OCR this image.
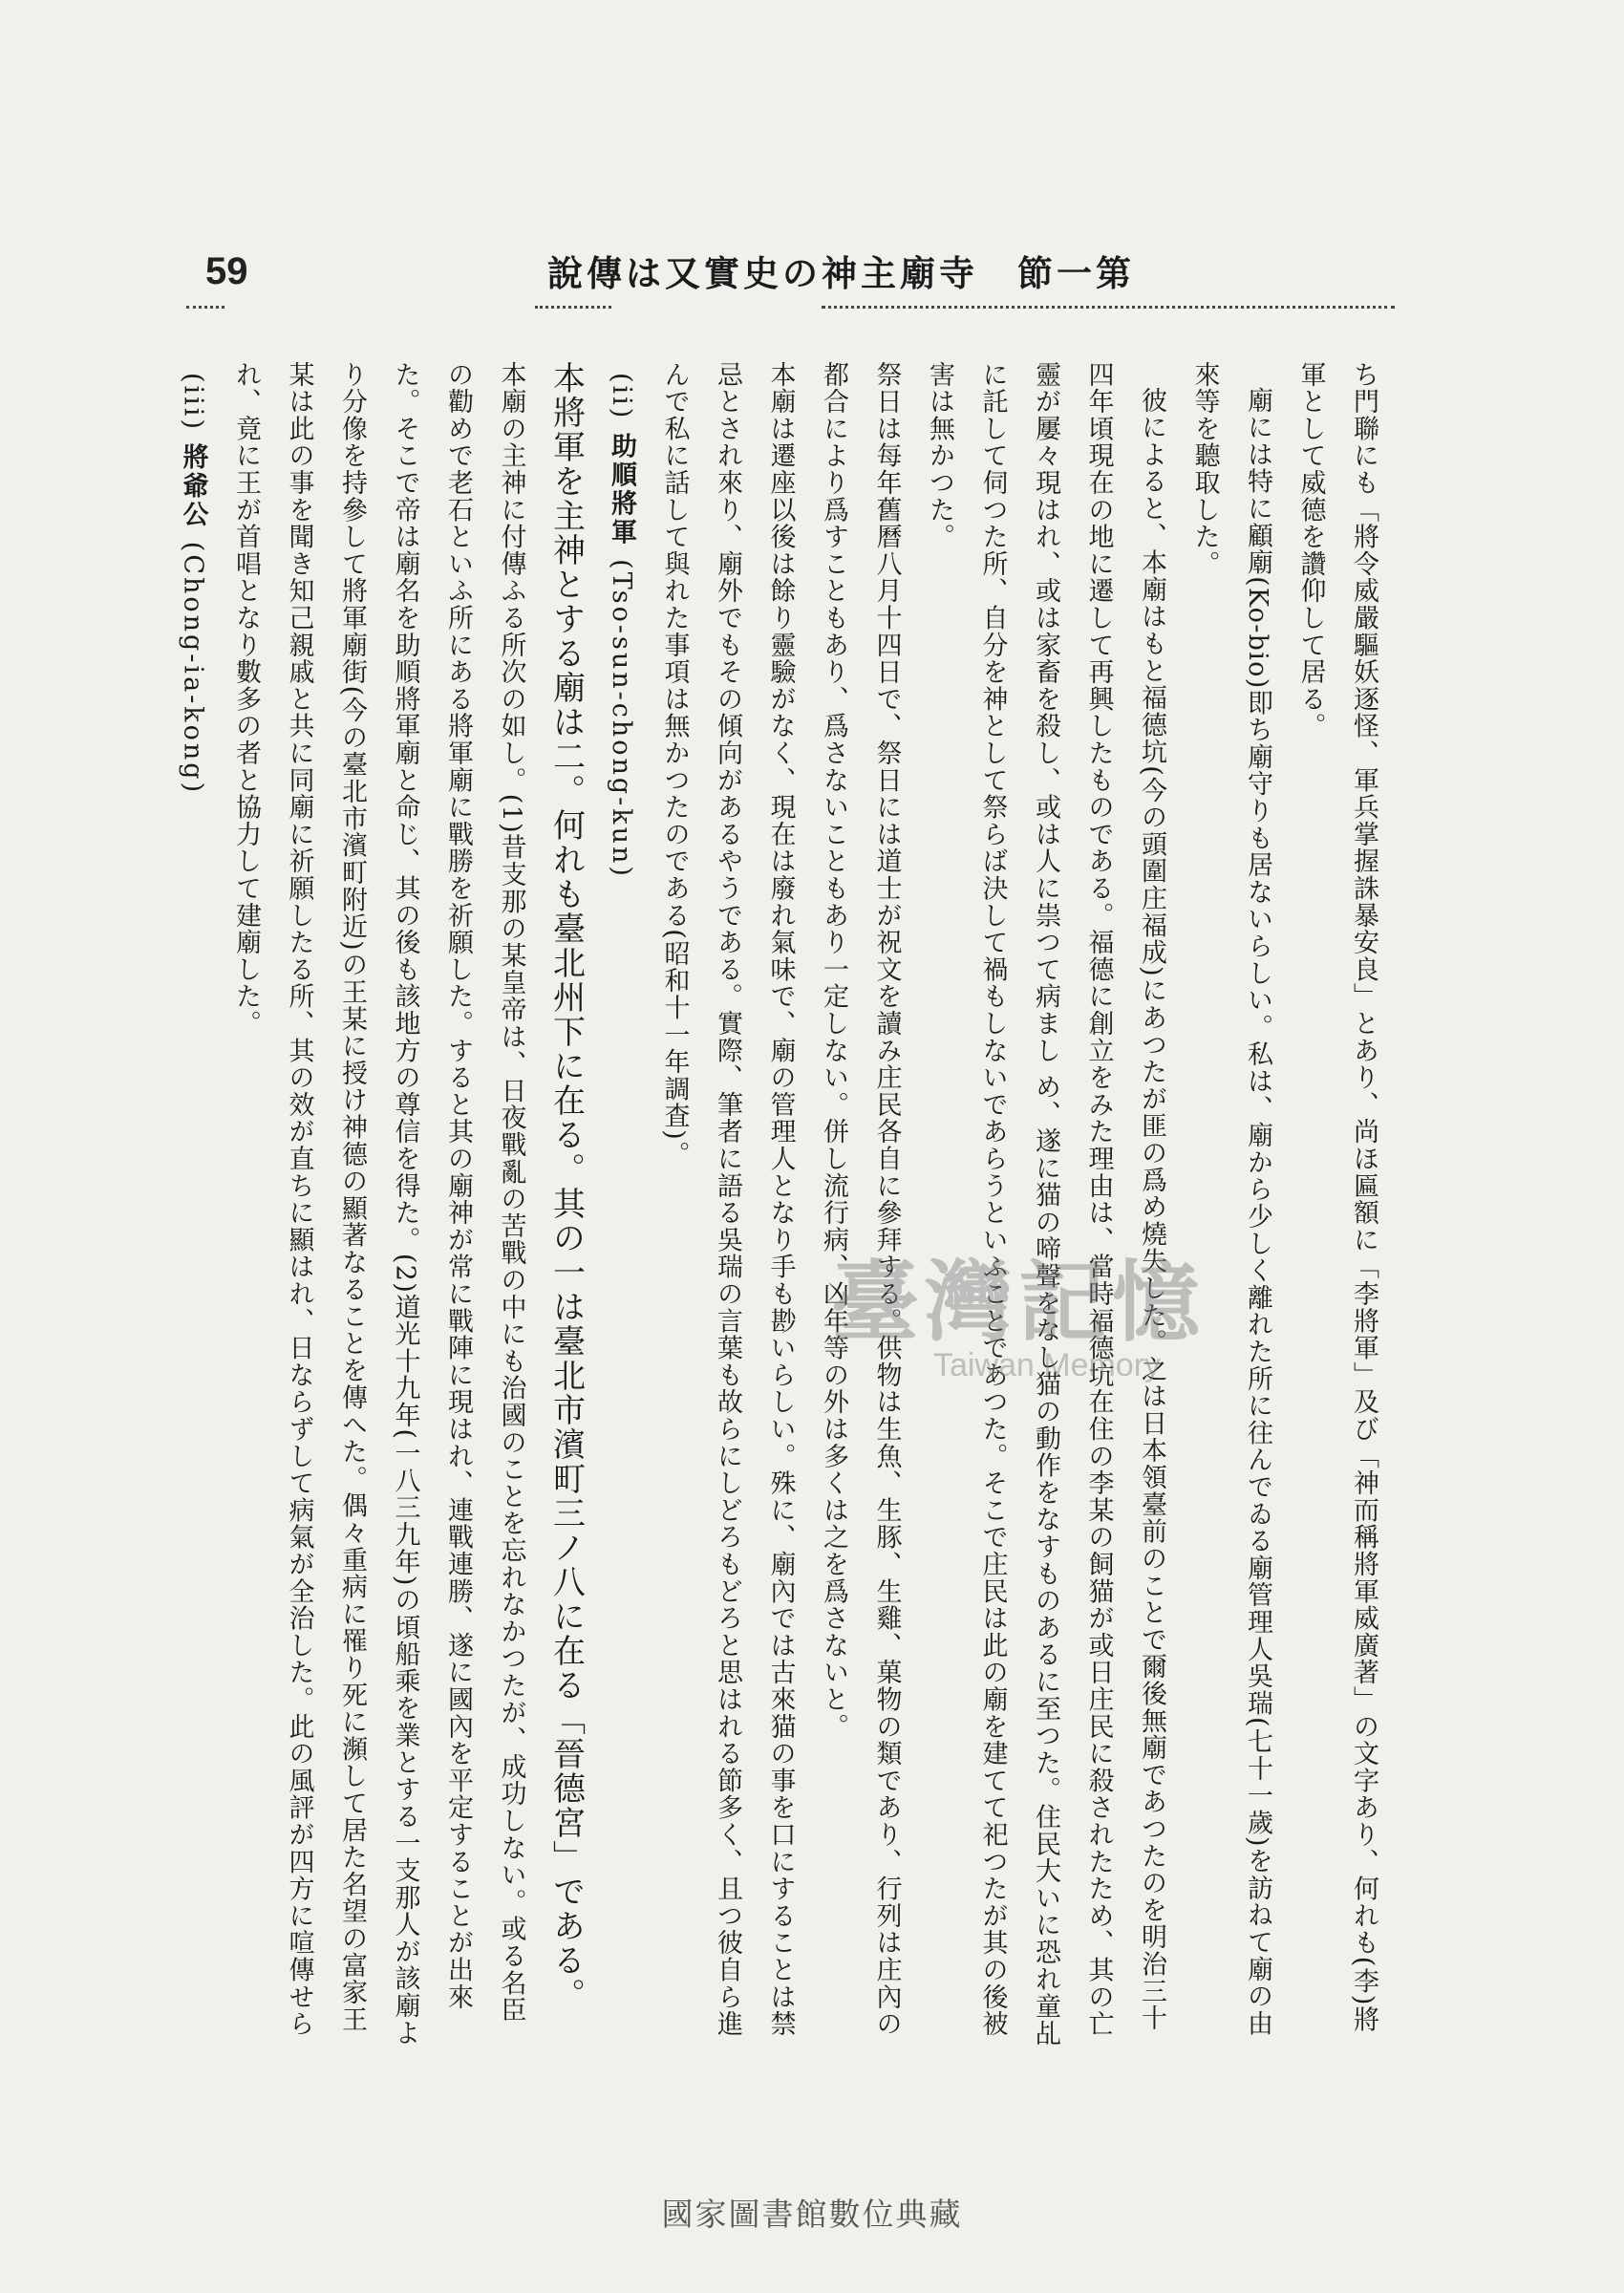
59	第一節　寺廟主神の史實又は傳說

ち門聯にも「將令威嚴驅妖逐怪、軍兵掌握誅暴安良」とあり、尚ほ匾額に「李將軍」及び「神而稱將軍威廣著」の文字あり、何れも(李)將軍として威德を讚仰して居る。

廟には特に顧廟(Ko-bio)即ち廟守りも居ないらしい。私は、廟から少しく離れた所に往んでゐる廟管理人吳瑞(七十一歲)を訪ねて廟の由來等を聽取した。

彼によると、本廟はもと福德坑(今の頭圍庄福成)にあつたが匪の爲め燒失した。之は日本領臺前のことで爾後無廟であつたのを明治三十四年頃現在の地に遷して再興したものである。福德に創立をみた理由は、當時福德坑在住の李某の飼猫が或日庄民に殺されたため、其の亡靈が屢々現はれ、或は家畜を殺し、或は人に祟つて病まし め、遂に猫の啼聲をなし猫の動作をなすものあるに至つた。住民大いに恐れ童乩に託して伺つた所、自分を神として祭らば決して禍もしないであらうといふことであつた。そこで庄民は此の廟を建てて祀つたが其の後被害は無かつた。

祭日は每年舊曆八月十四日で、祭日には道士が祝文を讀み庄民各自に參拜する。供物は生魚、生豚、生雞、菓物の類であり、行列は庄內の都合により爲すこともあり、爲さないこともあり一定しない。併し流行病、凶年等の外は多くは之を爲さないと。

本廟は遷座以後は餘り靈驗がなく、現在は廢れ氣味で、廟の管理人となり手も尠いらしい。殊に、廟內では古來猫の事を口にすることは禁忌とされ來り、廟外でもその傾向があるやうである。實際、筆者に語る吳瑞の言葉も故らにしどろもどろと思はれる節多く、且つ彼自ら進んで私に話して與れた事項は無かつたのである(昭和十一年調査)。

(ii) 助順將軍 (Tso-sun-chong-kun)

本將軍を主神とする廟は二。何れも臺北州下に在る。其の一は臺北市濱町三ノ八に在る「晉德宮」である。

本廟の主神に付傳ふる所次の如し。(1)昔支那の某皇帝は、日夜戰亂の苦戰の中にも治國のことを忘れなかつたが、成功しない。或る名臣の勸めで老石といふ所にある將軍廟に戰勝を祈願した。すると其の廟神が常に戰陣に現はれ、連戰連勝、遂に國內を平定することが出來た。そこで帝は廟名を助順將軍廟と命じ、其の後も該地方の尊信を得た。(2)道光十九年(一八三九年)の頃船乘を業とする一支那人が該廟より分像を持參して將軍廟街(今の臺北市濱町附近)の王某に授け神德の顯著なることを傳へた。偶々重病に罹り死に瀕して居た名望の富家王某は此の事を聞き知己親戚と共に同廟に祈願したる所、其の效が直ちに顯はれ、日ならずして病氣が全治した。此の風評が四方に喧傳せられ、竟に王が首唱となり數多の者と協力して建廟した。

(iii) 將爺公 (Chong-ia-kong)

臺灣記憶
Taiwan Memory
國家圖書館數位典藏
